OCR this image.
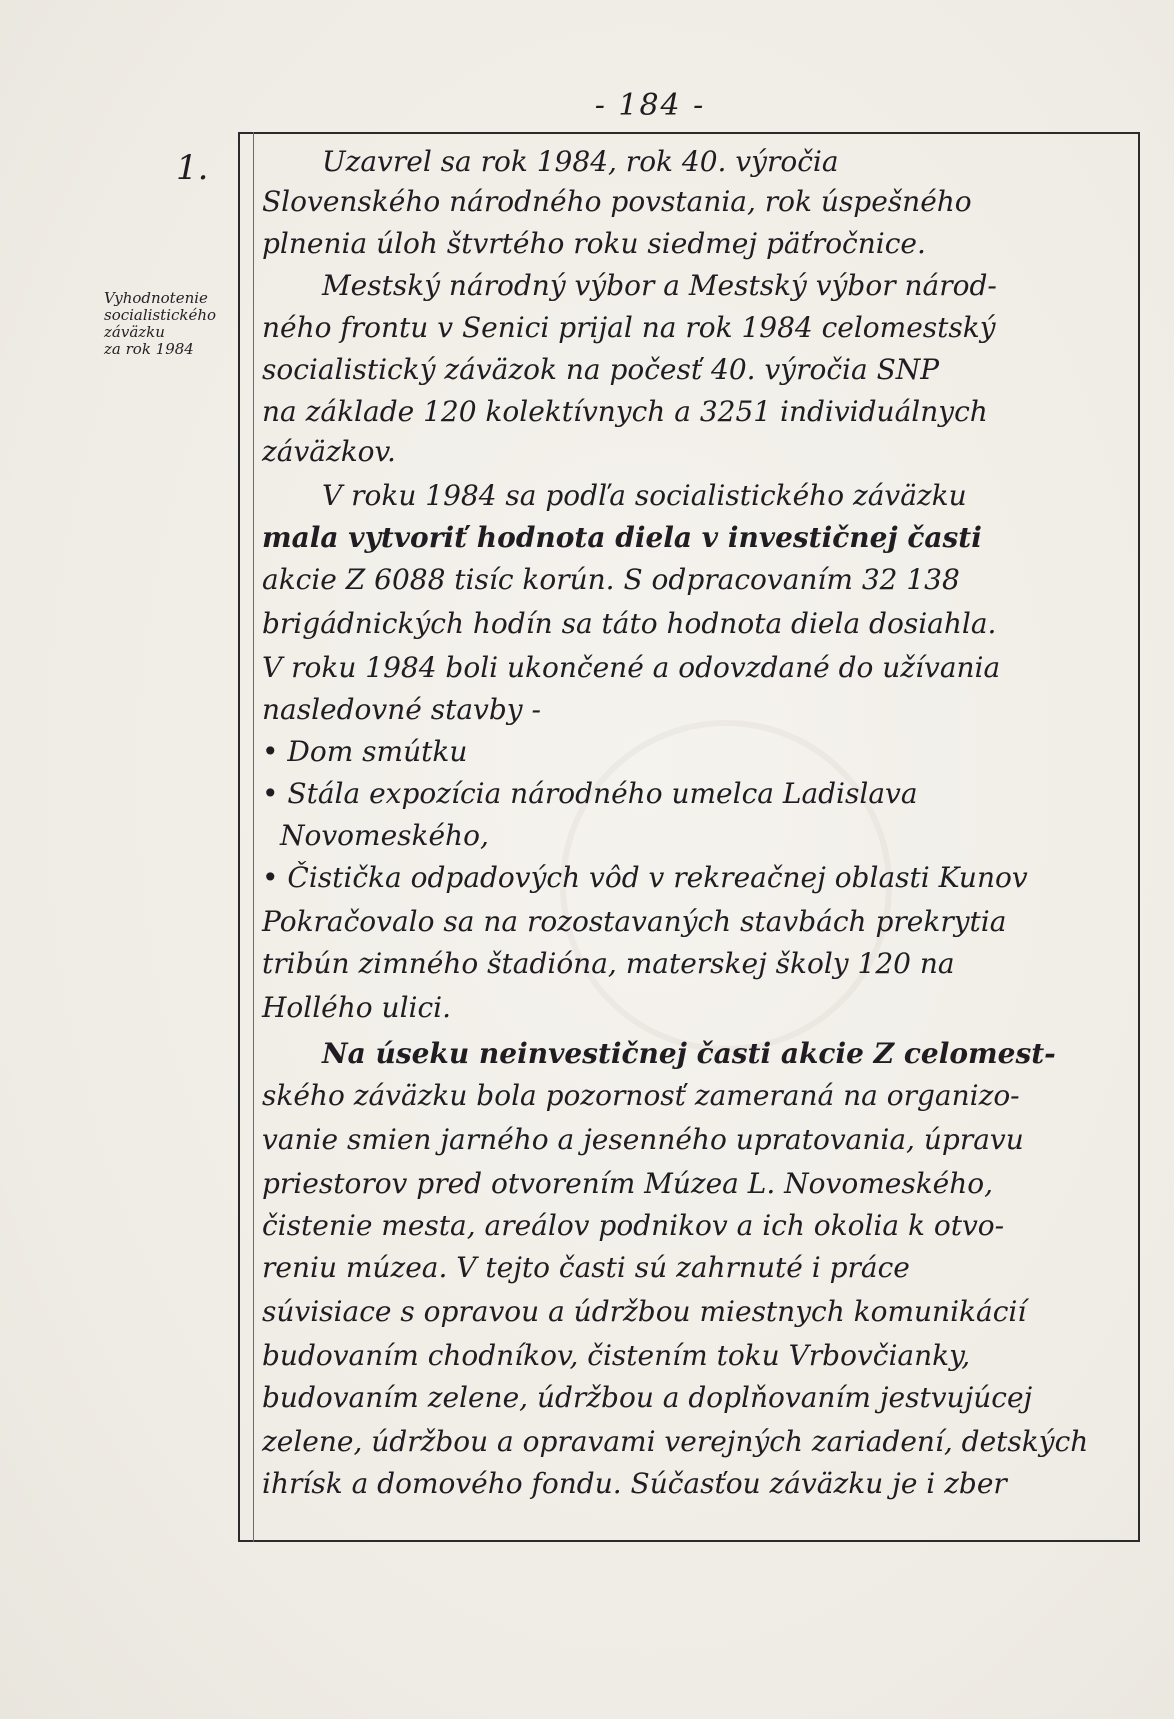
- 184 -
1.
Vyhodnotenie
socialistického
záväzku
za rok 1984
Uzavrel sa rok 1984, rok 40. výročia
Slovenského národného povstania, rok úspešného
plnenia úloh štvrtého roku siedmej päťročnice.
Mestský národný výbor a Mestský výbor národ-
ného frontu v Senici prijal na rok 1984 celomestský
socialistický záväzok na počesť 40. výročia SNP
na základe 120 kolektívnych a 3251 individuálnych
záväzkov.
V roku 1984 sa podľa socialistického záväzku
mala vytvoriť hodnota diela v investičnej časti
akcie Z 6088 tisíc korún. S odpracovaním 32 138
brigádnických hodín sa táto hodnota diela dosiahla.
V roku 1984 boli ukončené a odovzdané do užívania
nasledovné stavby -
• Dom smútku
• Stála expozícia národného umelca Ladislava
Novomeského,
• Čistička odpadových vôd v rekreačnej oblasti Kunov
Pokračovalo sa na rozostavaných stavbách prekrytia
tribún zimného štadióna, materskej školy 120 na
Hollého ulici.
Na úseku neinvestičnej časti akcie Z celomest-
ského záväzku bola pozornosť zameraná na organizo-
vanie smien jarného a jesenného upratovania, úpravu
priestorov pred otvorením Múzea L. Novomeského,
čistenie mesta, areálov podnikov a ich okolia k otvo-
reniu múzea. V tejto časti sú zahrnuté i práce
súvisiace s opravou a údržbou miestnych komunikácií
budovaním chodníkov, čistením toku Vrbovčianky,
budovaním zelene, údržbou a doplňovaním jestvujúcej
zelene, údržbou a opravami verejných zariadení, detských
ihrísk a domového fondu. Súčasťou záväzku je i zber
